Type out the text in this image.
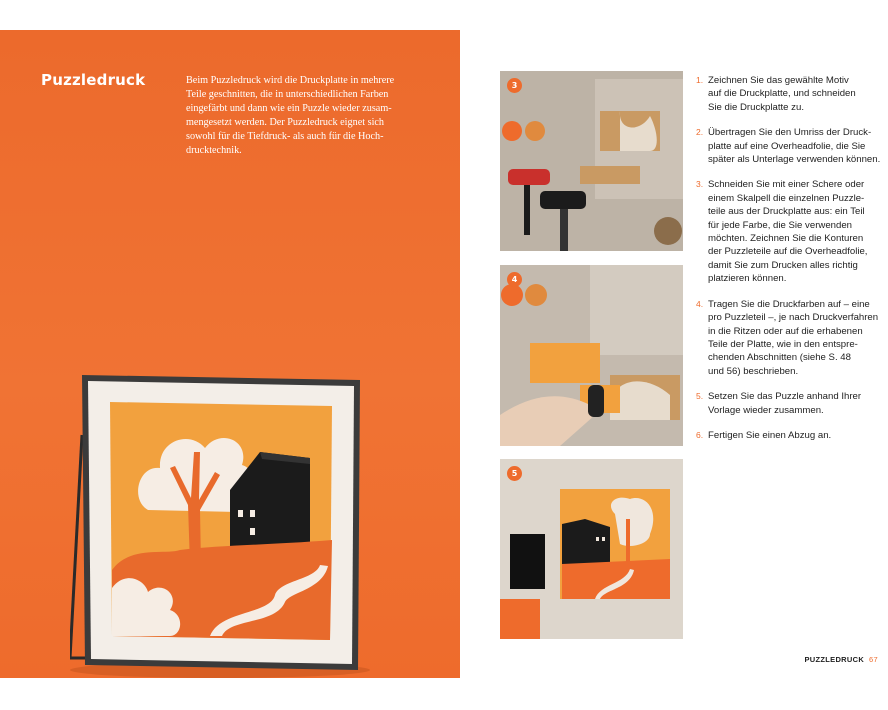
Puzzledruck	Beim Puzzledruck wird die Druckplatte in mehrere

Teile geschnitten, die in unterschiedlichen Farben

eingefärbt und dann wie ein Puzzle wieder zusam-

mengesetzt werden. Der Puzzledruck eignet sich

sowohl für die Tiefdruck- als auch für die Hoch-

drucktechnik.

3
4
5
1. Zeichnen Sie das gewählte Motiv
auf die Druckplatte, und schneiden
Sie die Druckplatte zu.
2. Übertragen Sie den Umriss der Druck-
platte auf eine Overheadfolie, die Sie
später als Unterlage verwenden können.
3. Schneiden Sie mit einer Schere oder
einem Skalpell die einzelnen Puzzle-
teile aus der Druckplatte aus: ein Teil
für jede Farbe, die Sie verwenden
möchten. Zeichnen Sie die Konturen
der Puzzleteile auf die Overheadfolie,
damit Sie zum Drucken alles richtig
platzieren können.
4. Tragen Sie die Druckfarben auf – eine
pro Puzzleteil –, je nach Druckverfahren
in die Ritzen oder auf die erhabenen
Teile der Platte, wie in den entspre-
chenden Abschnitten (siehe S. 48
und 56) beschrieben.
5. Setzen Sie das Puzzle anhand Ihrer
Vorlage wieder zusammen.
6. Fertigen Sie einen Abzug an.
PUZZLEDRUCK 67
